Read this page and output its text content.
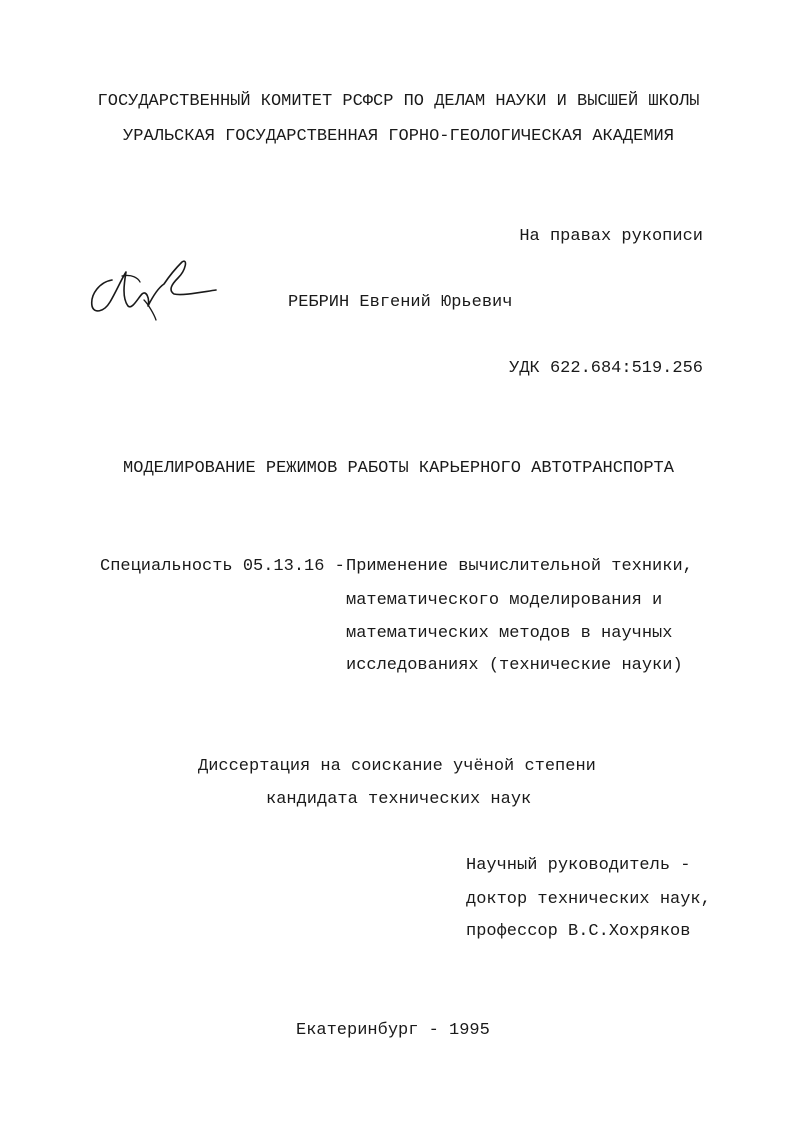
ГОСУДАРСТВЕННЫЙ КОМИТЕТ РСФСР ПО ДЕЛАМ НАУКИ И ВЫСШЕЙ ШКОЛЫ
УРАЛЬСКАЯ ГОСУДАРСТВЕННАЯ ГОРНО-ГЕОЛОГИЧЕСКАЯ АКАДЕМИЯ
На правах рукописи
РЕБРИН Евгений Юрьевич
УДК 622.684:519.256
МОДЕЛИРОВАНИЕ РЕЖИМОВ РАБОТЫ КАРЬЕРНОГО АВТОТРАНСПОРТА
Специальность 05.13.16 - Применение вычислительной техники,
математического моделирования и
математических методов в научных
исследованиях (технические науки)
Диссертация на соискание учёной степени
кандидата технических наук
Научный руководитель -
доктор технических наук,
профессор В.С.Хохряков
Екатеринбург - 1995
